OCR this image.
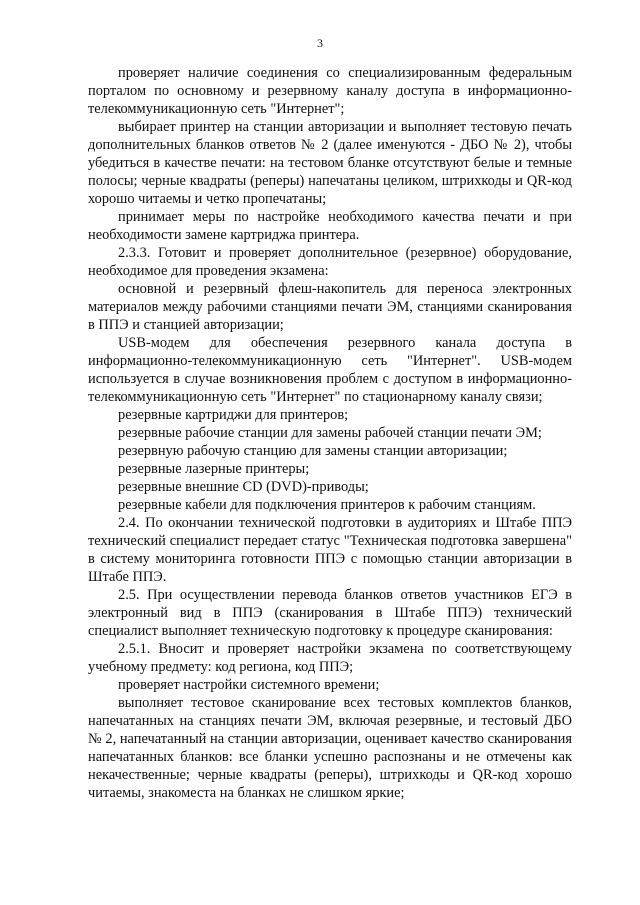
3

проверяет наличие соединения со специализированным федеральным порталом по основному и резервному каналу доступа в информационно-телекоммуникационную сеть "Интернет";

выбирает принтер на станции авторизации и выполняет тестовую печать дополнительных бланков ответов № 2 (далее именуются - ДБО № 2), чтобы убедиться в качестве печати: на тестовом бланке отсутствуют белые и темные полосы; черные квадраты (реперы) напечатаны целиком, штрихкоды и QR-код хорошо читаемы и четко пропечатаны;

принимает меры по настройке необходимого качества печати и при необходимости замене картриджа принтера.

2.3.3. Готовит и проверяет дополнительное (резервное) оборудование, необходимое для проведения экзамена:

основной и резервный флеш-накопитель для переноса электронных материалов между рабочими станциями печати ЭМ, станциями сканирования в ППЭ и станцией авторизации;

USB-модем для обеспечения резервного канала доступа в информационно-телекоммуникационную сеть "Интернет". USB-модем используется в случае возникновения проблем с доступом в информационно-телекоммуникационную сеть "Интернет" по стационарному каналу связи;

резервные картриджи для принтеров;

резервные рабочие станции для замены рабочей станции печати ЭМ;

резервную рабочую станцию для замены станции авторизации;

резервные лазерные принтеры;

резервные внешние CD (DVD)-приводы;

резервные кабели для подключения принтеров к рабочим станциям.

2.4. По окончании технической подготовки в аудиториях и Штабе ППЭ технический специалист передает статус "Техническая подготовка завершена" в систему мониторинга готовности ППЭ с помощью станции авторизации в Штабе ППЭ.

2.5. При осуществлении перевода бланков ответов участников ЕГЭ в электронный вид в ППЭ (сканирования в Штабе ППЭ) технический специалист выполняет техническую подготовку к процедуре сканирования:

2.5.1. Вносит и проверяет настройки экзамена по соответствующему учебному предмету: код региона, код ППЭ;

проверяет настройки системного времени;

выполняет тестовое сканирование всех тестовых комплектов бланков, напечатанных на станциях печати ЭМ, включая резервные, и тестовый ДБО № 2, напечатанный на станции авторизации, оценивает качество сканирования напечатанных бланков: все бланки успешно распознаны и не отмечены как некачественные; черные квадраты (реперы), штрихкоды и QR-код хорошо читаемы, знакоместа на бланках не слишком яркие;
